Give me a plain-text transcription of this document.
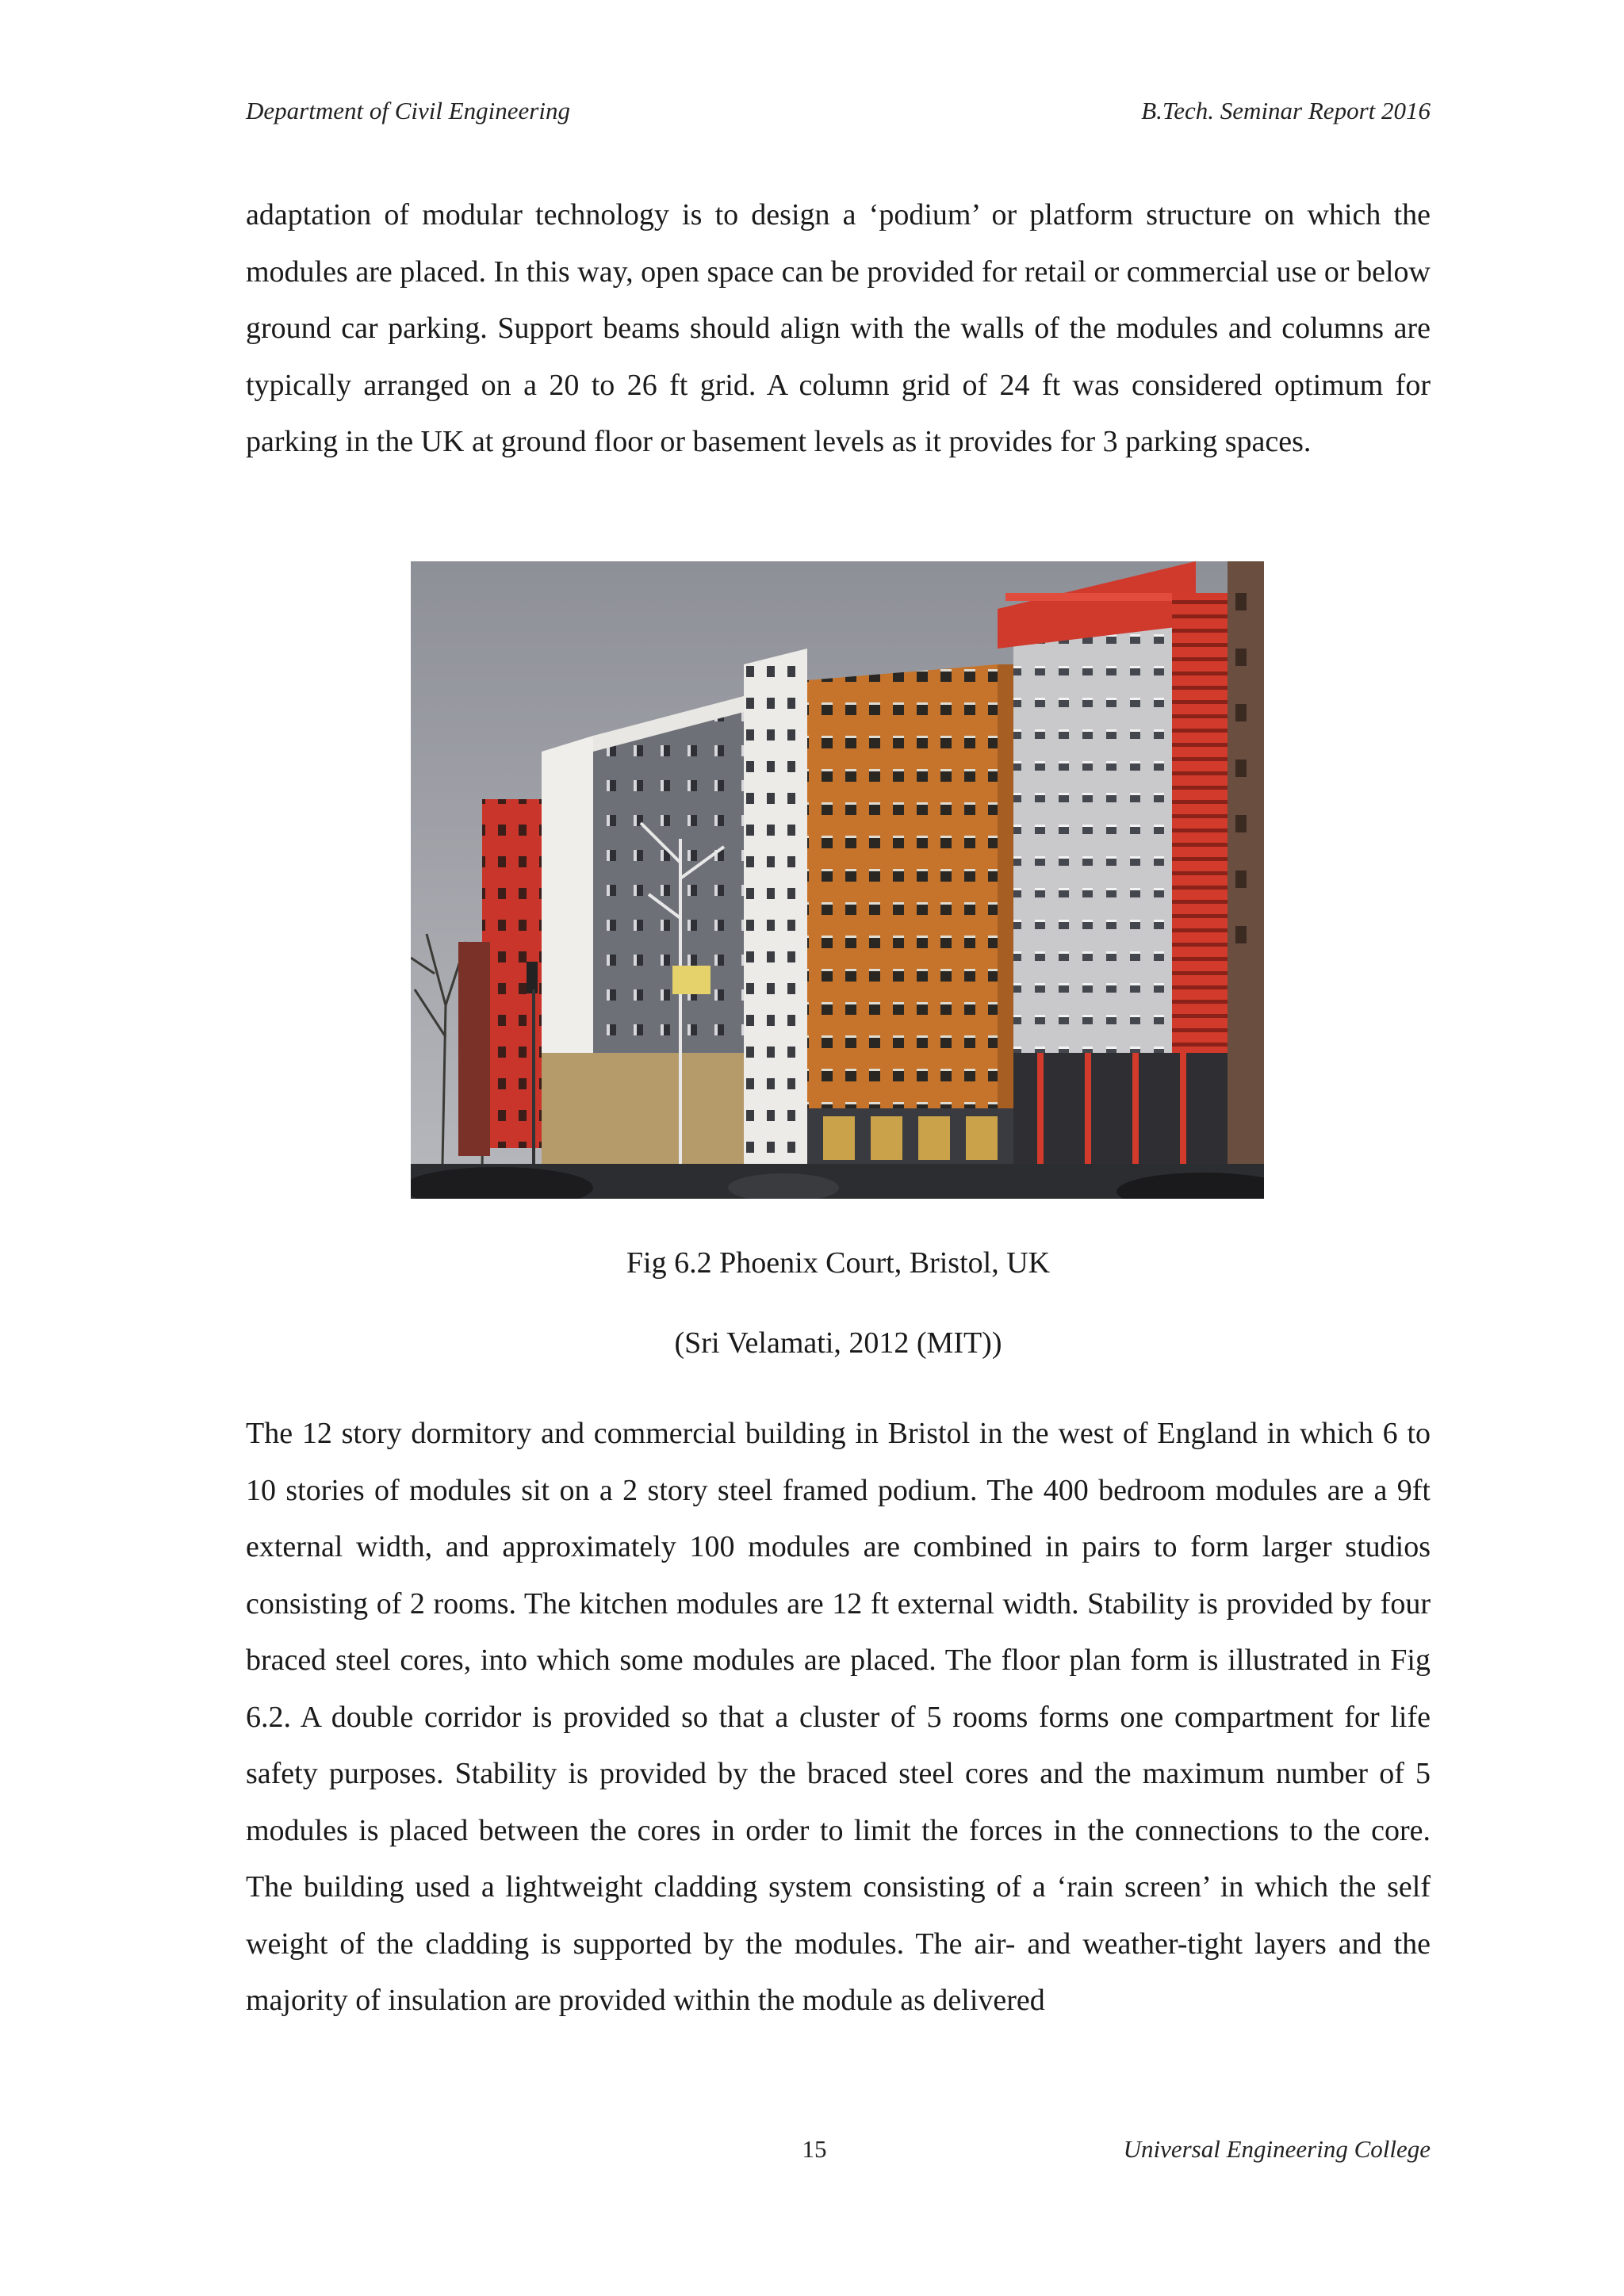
Department of Civil Engineering	B.Tech. Seminar Report 2016

adaptation of modular technology is to design a ‘podium’ or platform structure on which the modules are placed. In this way, open space can be provided for retail or commercial use or below ground car parking. Support beams should align with the walls of the modules and columns are typically arranged on a 20 to 26 ft grid. A column grid of 24 ft was considered optimum for parking in the UK at ground floor or basement levels as it provides for 3 parking spaces.

Fig 6.2 Phoenix Court, Bristol, UK
(Sri Velamati, 2012 (MIT))

The 12 story dormitory and commercial building in Bristol in the west of England in which 6 to 10 stories of modules sit on a 2 story steel framed podium. The 400 bedroom modules are a 9ft external width, and approximately 100 modules are combined in pairs to form larger studios consisting of 2 rooms. The kitchen modules are 12 ft external width. Stability is provided by four braced steel cores, into which some modules are placed. The floor plan form is illustrated in Fig 6.2. A double corridor is provided so that a cluster of 5 rooms forms one compartment for life safety purposes. Stability is provided by the braced steel cores and the maximum number of 5 modules is placed between the cores in order to limit the forces in the connections to the core. The building used a lightweight cladding system consisting of a ‘rain screen’ in which the self weight of the cladding is supported by the modules. The air- and weather-tight layers and the majority of insulation are provided within the module as delivered

15	Universal Engineering College
